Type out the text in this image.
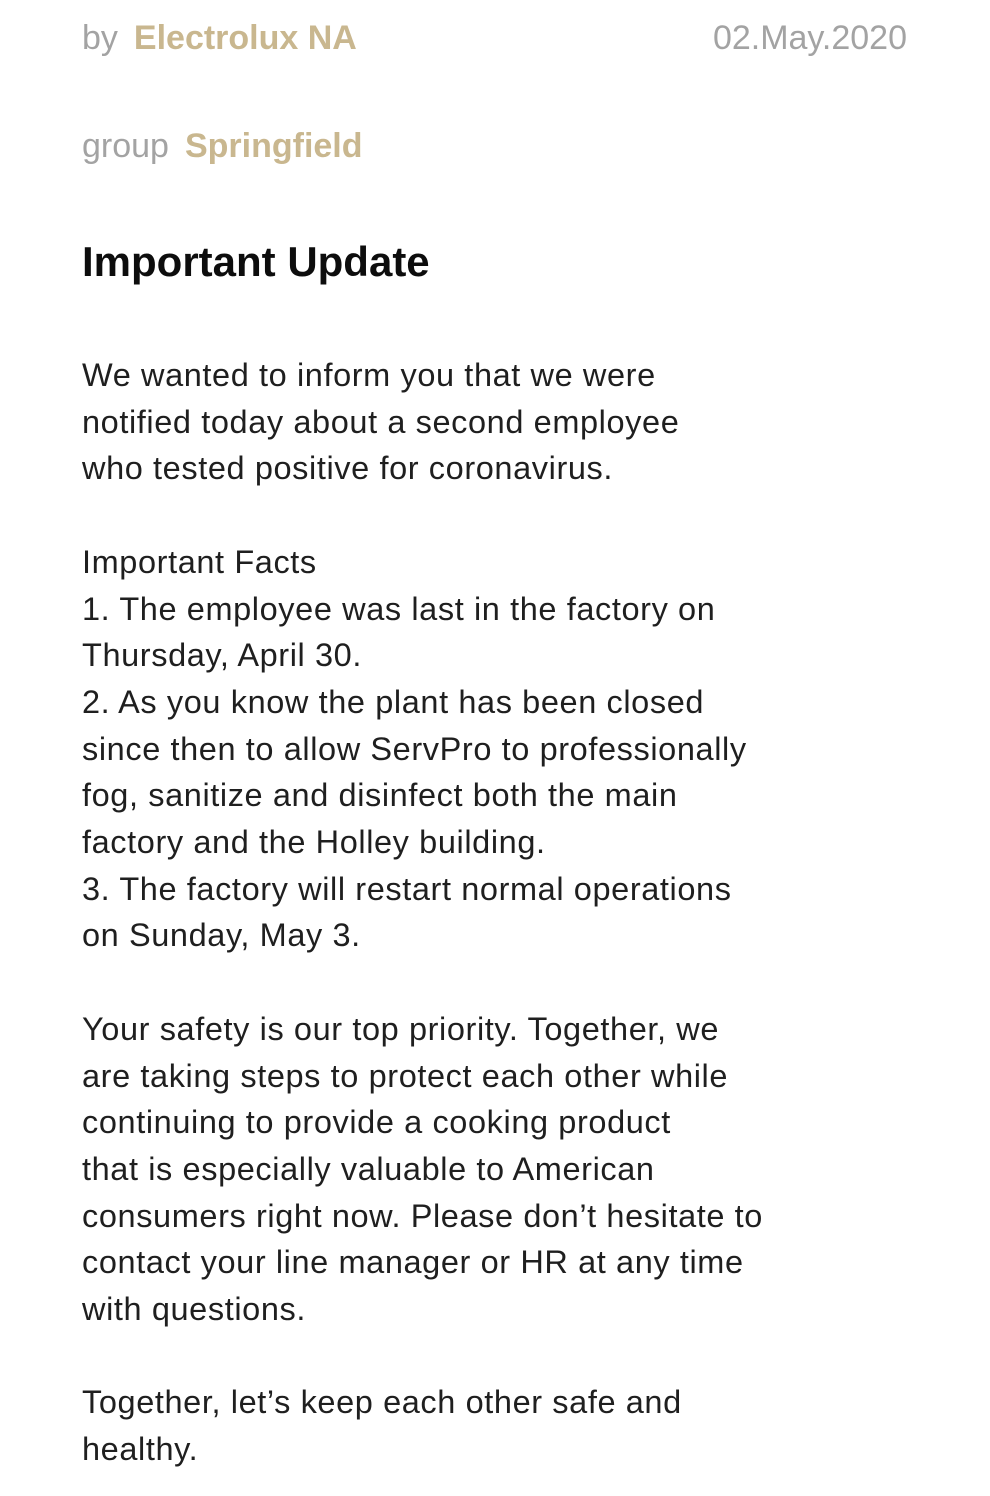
by Electrolux NA	02.May.2020
group Springfield
Important Update
We wanted to inform you that we were
notified today about a second employee
who tested positive for coronavirus.
Important Facts
1. The employee was last in the factory on
Thursday, April 30.
2. As you know the plant has been closed
since then to allow ServPro to professionally
fog, sanitize and disinfect both the main
factory and the Holley building.
3. The factory will restart normal operations
on Sunday, May 3.
Your safety is our top priority. Together, we
are taking steps to protect each other while
continuing to provide a cooking product
that is especially valuable to American
consumers right now. Please don’t hesitate to
contact your line manager or HR at any time
with questions.
Together, let’s keep each other safe and
healthy.
